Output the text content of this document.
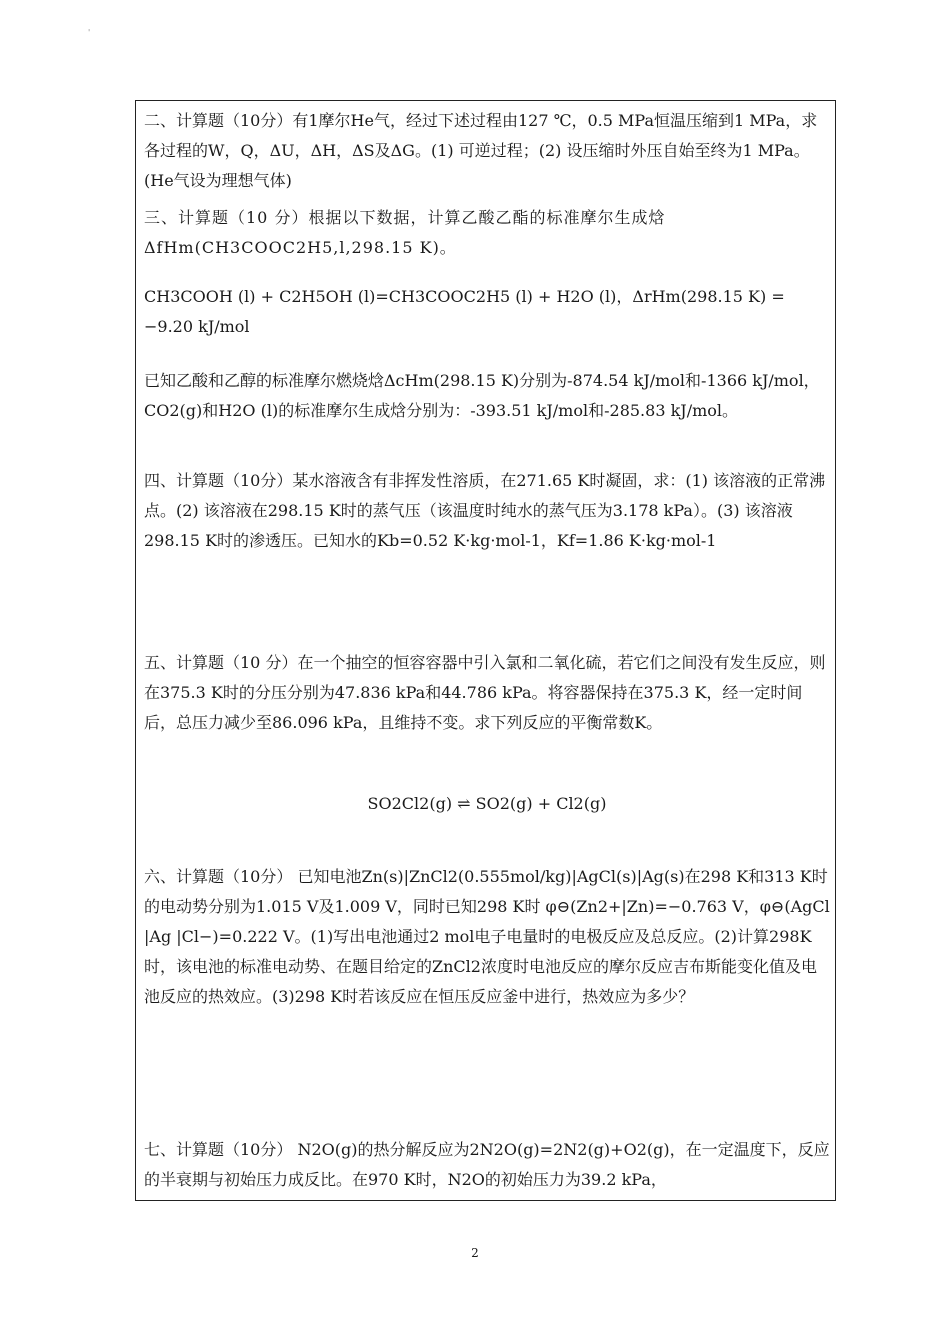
'

二、计算题（10分）有1摩尔He气，经过下述过程由127 ℃，0.5 MPa恒温压缩到1 MPa，求各过程的W，Q，ΔU，ΔH，ΔS及ΔG。(1) 可逆过程；(2) 设压缩时外压自始至终为1 MPa。(He气设为理想气体)

三、计算题（10 分）根据以下数据，计算乙酸乙酯的标准摩尔生成焓 ΔfHm(CH3COOC2H5,l,298.15 K)。

CH3COOH (l) + C2H5OH (l)=CH3COOC2H5 (l) + H2O (l)，ΔrHm(298.15 K) = −9.20 kJ/mol

已知乙酸和乙醇的标准摩尔燃烧焓ΔcHm(298.15 K)分别为-874.54 kJ/mol和-1366 kJ/mol，CO2(g)和H2O (l)的标准摩尔生成焓分别为：-393.51 kJ/mol和-285.83 kJ/mol。

四、计算题（10分）某水溶液含有非挥发性溶质，在271.65 K时凝固，求：(1) 该溶液的正常沸点。(2) 该溶液在298.15 K时的蒸气压（该温度时纯水的蒸气压为3.178 kPa）。(3) 该溶液298.15 K时的渗透压。已知水的Kb=0.52 K·kg·mol-1，Kf=1.86 K·kg·mol-1

五、计算题（10 分）在一个抽空的恒容容器中引入氯和二氧化硫，若它们之间没有发生反应，则在375.3 K时的分压分别为47.836 kPa和44.786 kPa。将容器保持在375.3 K，经一定时间后，总压力减少至86.096 kPa，且维持不变。求下列反应的平衡常数K。

SO2Cl2(g) ⇌ SO2(g) + Cl2(g)

六、计算题（10分） 已知电池Zn(s)|ZnCl2(0.555mol/kg)|AgCl(s)|Ag(s)在298 K和313 K时的电动势分别为1.015 V及1.009 V，同时已知298 K时 φ⊖(Zn2+|Zn)=−0.763 V，φ⊖(AgCl |Ag |Cl−)=0.222 V。(1)写出电池通过2 mol电子电量时的电极反应及总反应。(2)计算298K时，该电池的标准电动势、在题目给定的ZnCl2浓度时电池反应的摩尔反应吉布斯能变化值及电池反应的热效应。(3)298 K时若该反应在恒压反应釜中进行，热效应为多少？

七、计算题（10分） N2O(g)的热分解反应为2N2O(g)=2N2(g)+O2(g)，在一定温度下，反应的半衰期与初始压力成反比。在970 K时，N2O的初始压力为39.2 kPa，

2
